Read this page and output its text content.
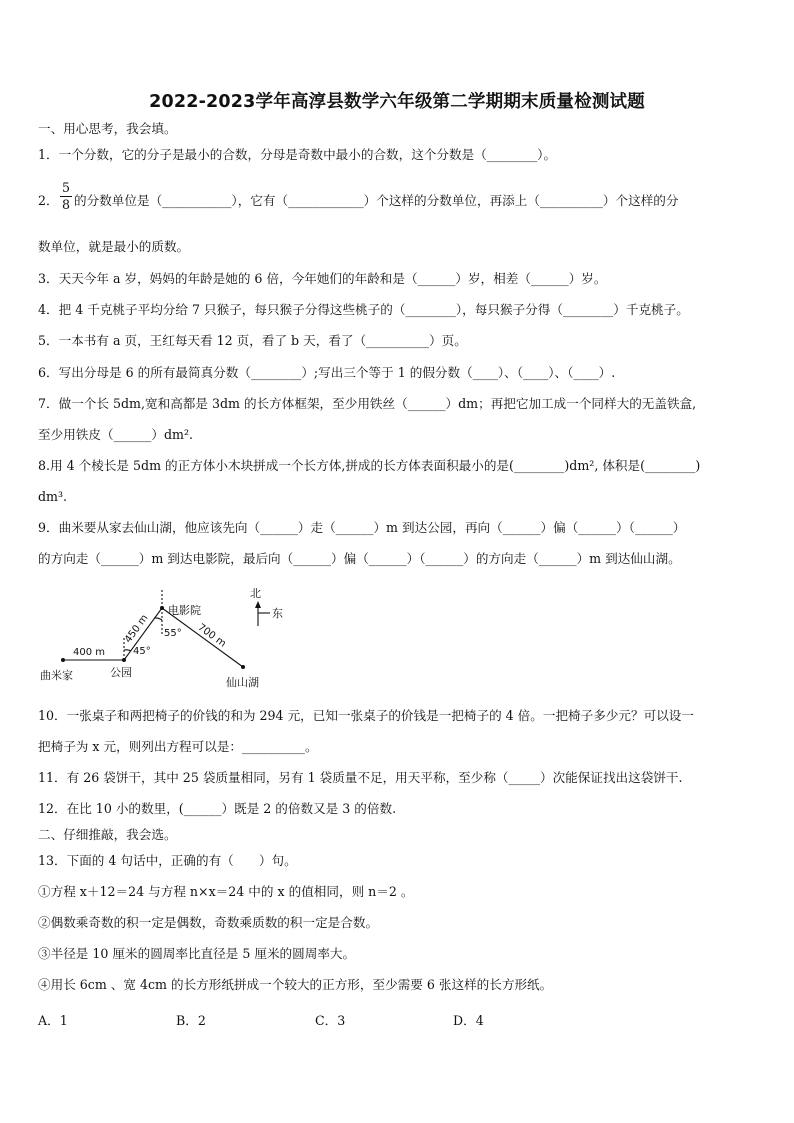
2022-2023学年高淳县数学六年级第二学期期末质量检测试题
一、用心思考，我会填。
1．一个分数，它的分子是最小的合数，分母是奇数中最小的合数，这个分数是（________）。
2．
5
8 的分数单位是（___________），它有（____________）个这样的分数单位，再添上（__________）个这样的分
数单位，就是最小的质数。
3．天天今年 a 岁，妈妈的年龄是她的 6 倍，今年她们的年龄和是（______）岁，相差（______）岁。
4．把 4 千克桃子平均分给 7 只猴子，每只猴子分得这些桃子的（________），每只猴子分得（________）千克桃子。
5．一本书有 a 页，王红每天看 12 页，看了 b 天，看了（__________）页。
6．写出分母是 6 的所有最简真分数（________）;写出三个等于 1 的假分数（____）、（____）、（____）.
7．做一个长 5dm,宽和高都是 3dm 的长方体框架，至少用铁丝（______）dm；再把它加工成一个同样大的无盖铁盒,
至少用铁皮（______）dm².
8.用 4 个棱长是 5dm 的正方体小木块拼成一个长方体,拼成的长方体表面积最小的是(________)dm², 体积是(________)
dm³.
9．曲米要从家去仙山湖，他应该先向（______）走（______）m 到达公园，再向（______）偏（______）（______）
的方向走（______）m 到达电影院，最后向（______）偏（______）（______）的方向走（______）m 到达仙山湖。
曲米家	公园
电影院
仙山湖
400 m
450 m	700 m
45°
55°
北
东
10．一张桌子和两把椅子的价钱的和为 294 元，已知一张桌子的价钱是一把椅子的 4 倍。一把椅子多少元？可以设一
把椅子为 x 元，则列出方程可以是：__________。
11．有 26 袋饼干，其中 25 袋质量相同，另有 1 袋质量不足，用天平称，至少称（_____）次能保证找出这袋饼干.
12．在比 10 小的数里，(______）既是 2 的倍数又是 3 的倍数.
二、仔细推敲，我会选。
13．下面的 4 句话中，正确的有（　　）句。
①方程 x＋12＝24 与方程 n×x＝24 中的 x 的值相同，则 n＝2 。
②偶数乘奇数的积一定是偶数，奇数乘质数的积一定是合数。
③半径是 10 厘米的圆周率比直径是 5 厘米的圆周率大。
④用长 6cm 、宽 4cm 的长方形纸拼成一个较大的正方形，至少需要 6 张这样的长方形纸。
A．1	B．2	C．3	D．4
